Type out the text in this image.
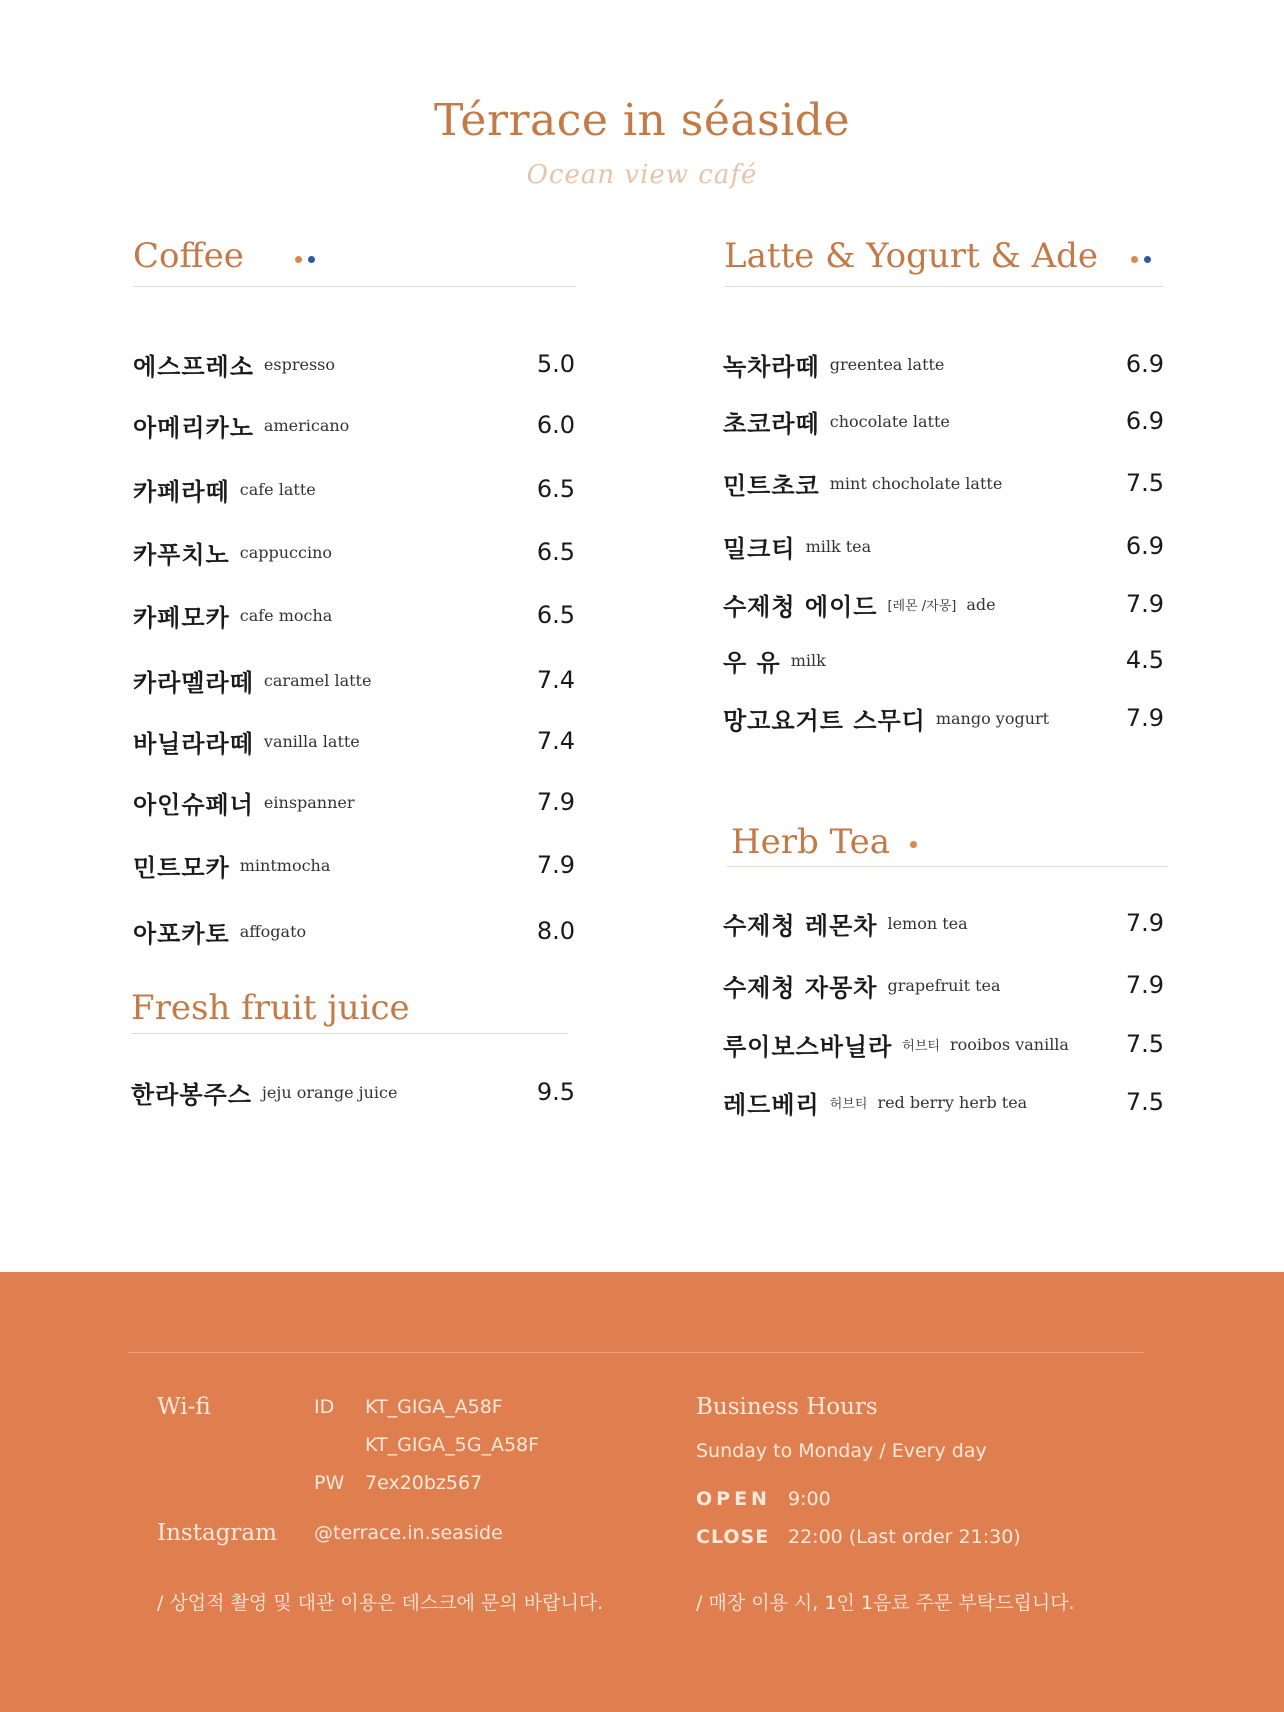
Térrace in séaside
Ocean view café
Coffee
에스프레소 espresso	5.0
아메리카노 americano	6.0
카페라떼 cafe latte	6.5
카푸치노 cappuccino	6.5
카페모카 cafe mocha	6.5
카라멜라떼 caramel latte	7.4
바닐라라떼 vanilla latte	7.4
아인슈페너 einspanner	7.9
민트모카 mintmocha	7.9
아포카토 affogato	8.0
Fresh fruit juice
한라봉주스 jeju orange juice	9.5
Latte & Yogurt & Ade
녹차라떼 greentea latte	6.9
초코라떼 chocolate latte	6.9
민트초코 mint chocholate latte	7.5
밀크티 milk tea	6.9
수제청 에이드 [레몬 /자몽] ade	7.9
우 유 milk	4.5
망고요거트 스무디 mango yogurt	7.9
Herb Tea
수제청 레몬차 lemon tea	7.9
수제청 자몽차 grapefruit tea	7.9
루이보스바닐라 허브티 rooibos vanilla 7.5
레드베리 허브티 red berry herb tea	7.5
Wi-fi	ID KT_GIGA_A58F
KT_GIGA_5G_A58F
PW 7ex20bz567
Instagram @terrace.in.seaside
/ 상업적 촬영 및 대관 이용은 데스크에 문의 바랍니다.
Business Hours
Sunday to Monday / Every day
OPEN 9:00
CLOSE 22:00 (Last order 21:30)
/ 매장 이용 시, 1인 1음료 주문 부탁드립니다.
